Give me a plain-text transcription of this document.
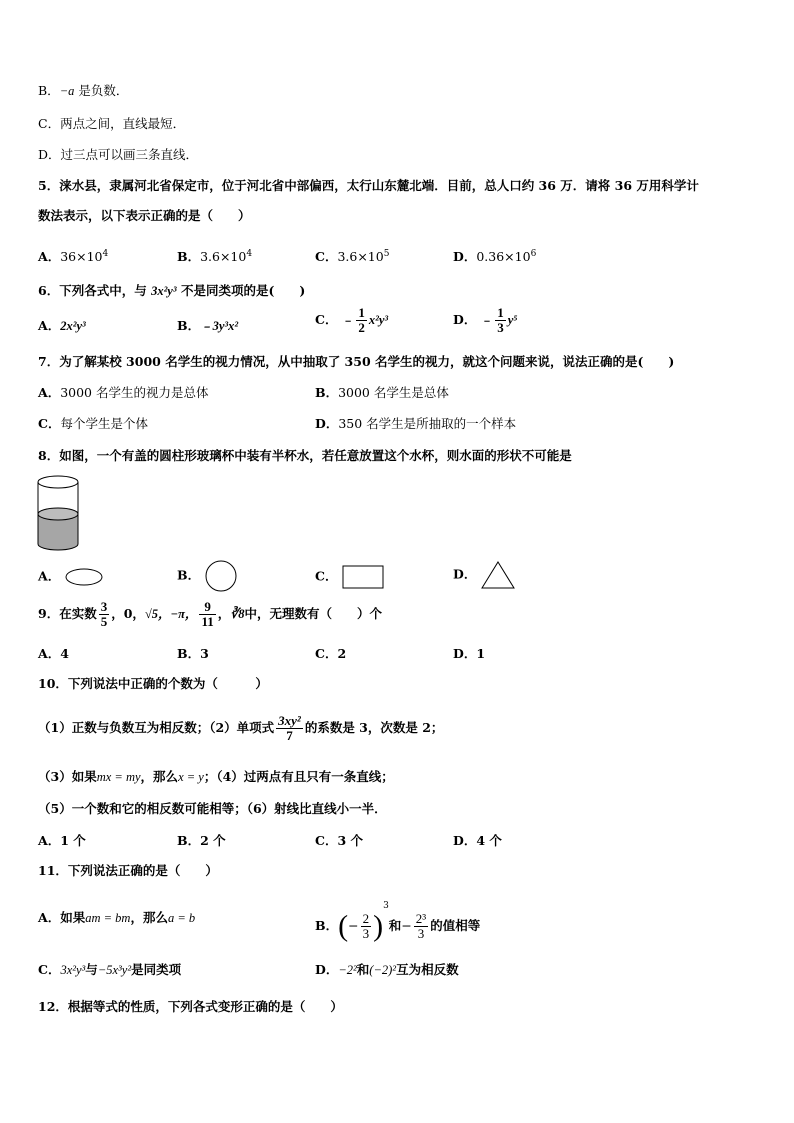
B．−a 是负数．
C．两点之间，直线最短．
D．过三点可以画三条直线．
5．涞水县，隶属河北省保定市，位于河北省中部偏西，太行山东麓北端．目前，总人口约 36 万．请将 36 万用科学计
数法表示，以下表示正确的是（　　）
A．$36\times 10^4$	B．$3.6\times 10^4$	C．$3.6\times 10^5$	D．$0.36\times 10^6$
6．下列各式中，与 3x²y³ 不是同类项的是(　　)
A．2x²y³	B．﹣3y³x²	C． ﹣ $\frac{1}{2} x^2y^3$	D． ﹣ $\frac{1}{3} y^5$
7．为了解某校 3000 名学生的视力情况，从中抽取了 350 名学生的视力，就这个问题来说，说法正确的是(　　)
A．3000 名学生的视力是总体	B．3000 名学生是总体
C．每个学生是个体	D．350 名学生是所抽取的一个样本
8．如图，一个有盖的圆柱形玻璃杯中装有半杯水，若任意放置这个水杯，则水面的形状不可能是
A．	B．	C．	D．
9．在实数 $\frac{3}{5}$ ，0，√5，−π， $\frac{9}{11}$ ，∛8中，无理数有（　　）个
A．4	B．3	C．2	D．1
10．下列说法中正确的个数为（　　　）
（1）正数与负数互为相反数；（2）单项式 $\frac{\text{3xy²}}{7}$ 的系数是 3，次数是 2；
（3）如果mx = my，那么x = y；（4）过两点有且只有一条直线；
（5）一个数和它的相反数可能相等；（6）射线比直线小一半．
A．1 个	B．2 个	C．3 个	D．4 个
11．下列说法正确的是（　　）
A．如果am = bm，那么a = b	B．(− $\frac{2}{3} )^3$和− $\frac{\text{2³}}{3}$ 的值相等
C．3x²y³与−5x³y²是同类项	D．−2²和(−2)²互为相反数
12．根据等式的性质，下列各式变形正确的是（　　）
